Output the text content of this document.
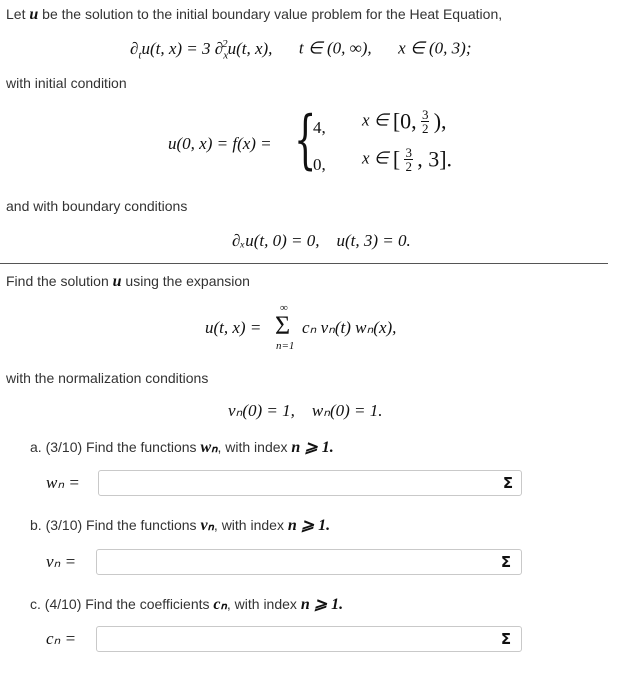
Let u be the solution to the initial boundary value problem for the Heat Equation,
$\partial_tu(t$, x) = 3 $\partial_x^2u(t$, x), t ∈ (0, ∞), x ∈ (0, 3);
with initial condition
u(0, x) = f(x) = {
4, x ∈ [0, $\frac{3}{2}$ ),
0, x ∈ [ $\frac{3}{2}$ , 3].
and with boundary conditions
∂ₓu(t, 0) = 0,    u(t, 3) = 0.
Find the solution u using the expansion
u(t, x) =
∞
Σ
n=1
cₙ vₙ(t) wₙ(x),
with the normalization conditions
vₙ(0) = 1,    wₙ(0) = 1.
a. (3/10) Find the functions wₙ, with index n ⩾ 1.
wₙ =	Σ
b. (3/10) Find the functions vₙ, with index n ⩾ 1.
vₙ =	Σ
c. (4/10) Find the coefficients cₙ, with index n ⩾ 1.
cₙ =	Σ
